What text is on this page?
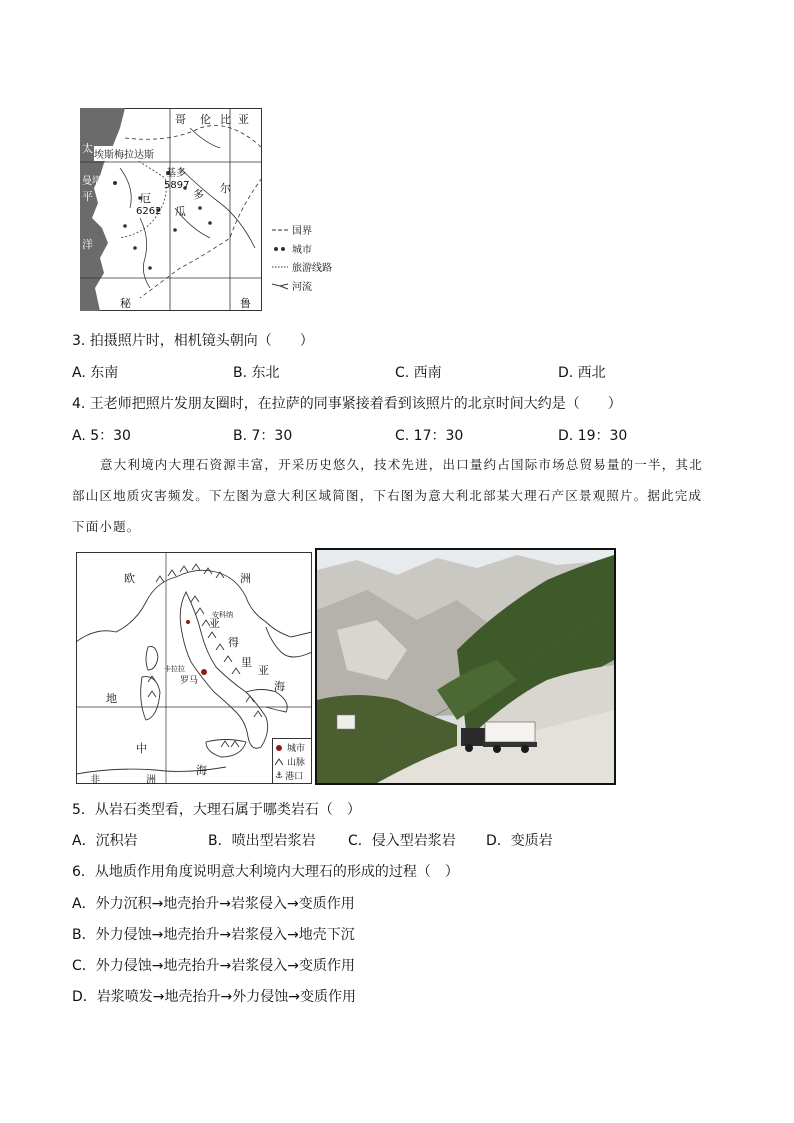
哥 伦 比 亚
太
平
洋
埃斯梅拉达斯
曼塔
基多
5897
厄
瓜
多 尔
6262
秘	鲁
国界
城市
旅游线路
河流
3. 拍摄照片时，相机镜头朝向（　　）
A. 东南	B. 东北	C. 西南	D. 西北
4. 王老师把照片发朋友圈时，在拉萨的同事紧接着看到该照片的北京时间大约是（　　）
A. 5：30	B. 7：30	C. 17：30	D. 19：30

意大利境内大理石资源丰富，开采历史悠久，技术先进，出口量约占国际市场总贸易量的一半，其北

部山区地质灾害频发。下左图为意大利区域简图，下右图为意大利北部某大理石产区景观照片。据此完成

下面小题。

欧	洲
亚
得
里
亚
海
地
中
海
非	洲
罗马
卡拉拉
安科纳
城市
山脉
⚓ 港口
5．从岩石类型看，大理石属于哪类岩石（　）
A．沉积岩	B．喷出型岩浆岩 C．侵入型岩浆岩 D．变质岩
6．从地质作用角度说明意大利境内大理石的形成的过程（　）
A．外力沉积→地壳抬升→岩浆侵入→变质作用
B．外力侵蚀→地壳抬升→岩浆侵入→地壳下沉
C．外力侵蚀→地壳抬升→岩浆侵入→变质作用
D．岩浆喷发→地壳抬升→外力侵蚀→变质作用
